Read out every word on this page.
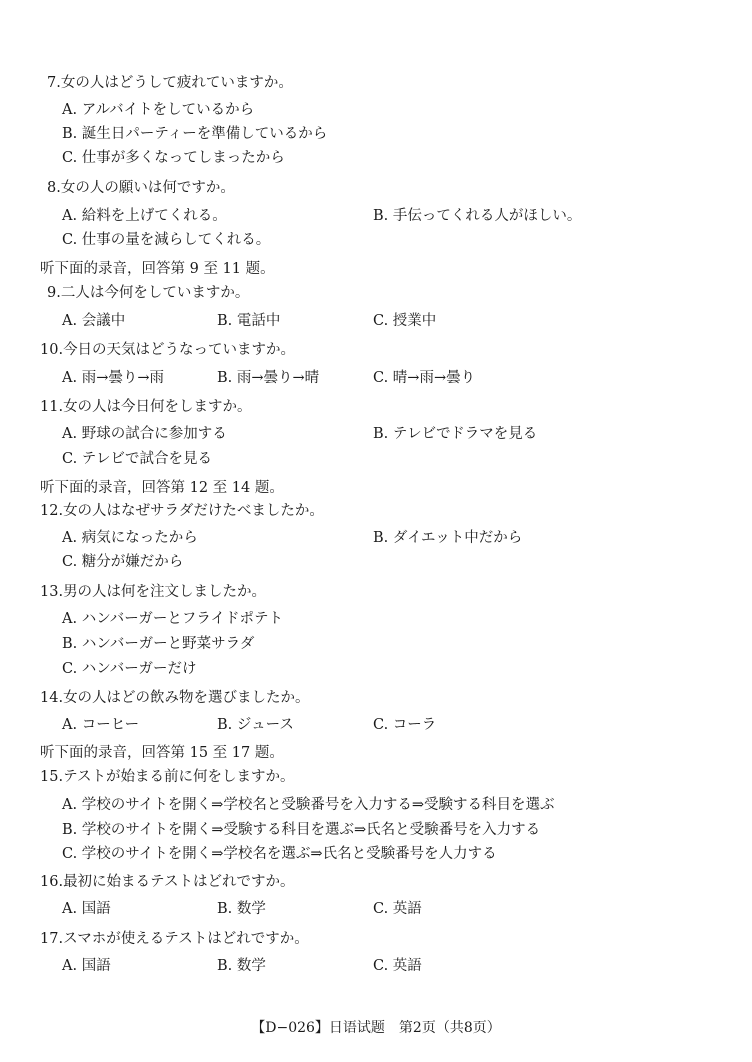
7.女の人はどうして疲れていますか。
A. アルバイトをしているから
B. 誕生日パーティーを準備しているから
C. 仕事が多くなってしまったから
8.女の人の願いは何ですか。
A. 給料を上げてくれる。	B. 手伝ってくれる人がほしい。
C. 仕事の量を減らしてくれる。
听下面的录音，回答第 9 至 11 题。
9.二人は今何をしていますか。
A. 会議中	B. 電話中	C. 授業中
10.今日の天気はどうなっていますか。
A. 雨→曇り→雨	B. 雨→曇り→晴	C. 晴→雨→曇り
11.女の人は今日何をしますか。
A. 野球の試合に参加する	B. テレビでドラマを見る
C. テレビで試合を見る
听下面的录音，回答第 12 至 14 题。
12.女の人はなぜサラダだけたべましたか。
A. 病気になったから	B. ダイエット中だから
C. 糖分が嫌だから
13.男の人は何を注文しましたか。
A. ハンバーガーとフライドポテト
B. ハンバーガーと野菜サラダ
C. ハンバーガーだけ
14.女の人はどの飲み物を選びましたか。
A. コーヒー	B. ジュース	C. コーラ
听下面的录音，回答第 15 至 17 题。
15.テストが始まる前に何をしますか。
A. 学校のサイトを開く⇒学校名と受験番号を入力する⇒受験する科目を選ぶ
B. 学校のサイトを開く⇒受験する科目を選ぶ⇒氏名と受験番号を入力する
C. 学校のサイトを開く⇒学校名を選ぶ⇒氏名と受験番号を人力する
16.最初に始まるテストはどれですか。
A. 国語	B. 数学	C. 英語
17.スマホが使えるテストはどれですか。
A. 国語	B. 数学	C. 英語
【D−026】日语试题　第2页（共8页）
